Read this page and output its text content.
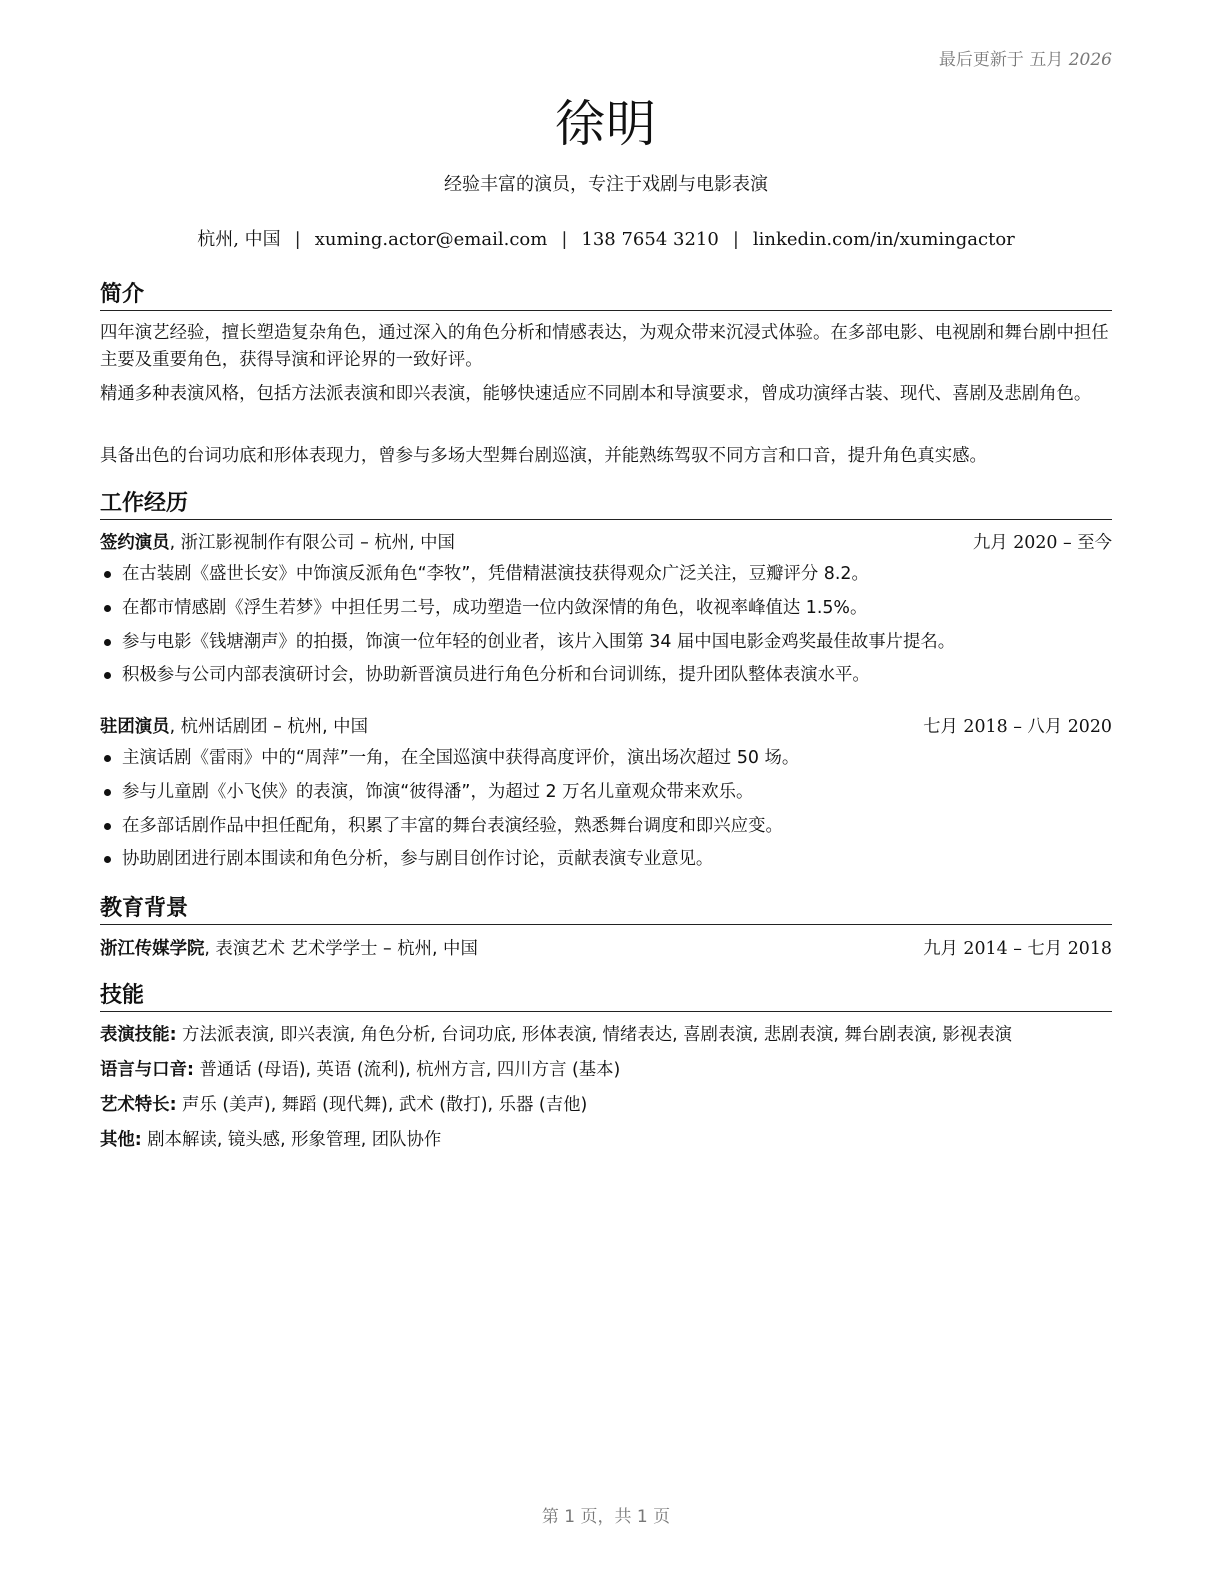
最后更新于 五月 2026
徐明
经验丰富的演员，专注于戏剧与电影表演
杭州, 中国 | xuming.actor@email.com | 138 7654 3210 | linkedin.com/in/xumingactor
简介
四年演艺经验，擅长塑造复杂角色，通过深入的角色分析和情感表达，为观众带来沉浸式体验。在多部电影、电视剧和舞台剧中担任主要及重要角色，获得导演和评论界的一致好评。
精通多种表演风格，包括方法派表演和即兴表演，能够快速适应不同剧本和导演要求，曾成功演绎古装、现代、喜剧及悲剧角色。
具备出色的台词功底和形体表现力，曾参与多场大型舞台剧巡演，并能熟练驾驭不同方言和口音，提升角色真实感。
工作经历
签约演员, 浙江影视制作有限公司 – 杭州, 中国	九月 2020 – 至今
在古装剧《盛世长安》中饰演反派角色“李牧”，凭借精湛演技获得观众广泛关注，豆瓣评分 8.2。
在都市情感剧《浮生若梦》中担任男二号，成功塑造一位内敛深情的角色，收视率峰值达 1.5%。
参与电影《钱塘潮声》的拍摄，饰演一位年轻的创业者，该片入围第 34 届中国电影金鸡奖最佳故事片提名。
积极参与公司内部表演研讨会，协助新晋演员进行角色分析和台词训练，提升团队整体表演水平。
驻团演员, 杭州话剧团 – 杭州, 中国	七月 2018 – 八月 2020
主演话剧《雷雨》中的“周萍”一角，在全国巡演中获得高度评价，演出场次超过 50 场。
参与儿童剧《小飞侠》的表演，饰演“彼得潘”，为超过 2 万名儿童观众带来欢乐。
在多部话剧作品中担任配角，积累了丰富的舞台表演经验，熟悉舞台调度和即兴应变。
协助剧团进行剧本围读和角色分析，参与剧目创作讨论，贡献表演专业意见。
教育背景
浙江传媒学院, 表演艺术 艺术学学士 – 杭州, 中国	九月 2014 – 七月 2018
技能
表演技能: 方法派表演, 即兴表演, 角色分析, 台词功底, 形体表演, 情绪表达, 喜剧表演, 悲剧表演, 舞台剧表演, 影视表演
语言与口音: 普通话 (母语), 英语 (流利), 杭州方言, 四川方言 (基本)
艺术特长: 声乐 (美声), 舞蹈 (现代舞), 武术 (散打), 乐器 (吉他)
其他: 剧本解读, 镜头感, 形象管理, 团队协作
第 1 页，共 1 页
